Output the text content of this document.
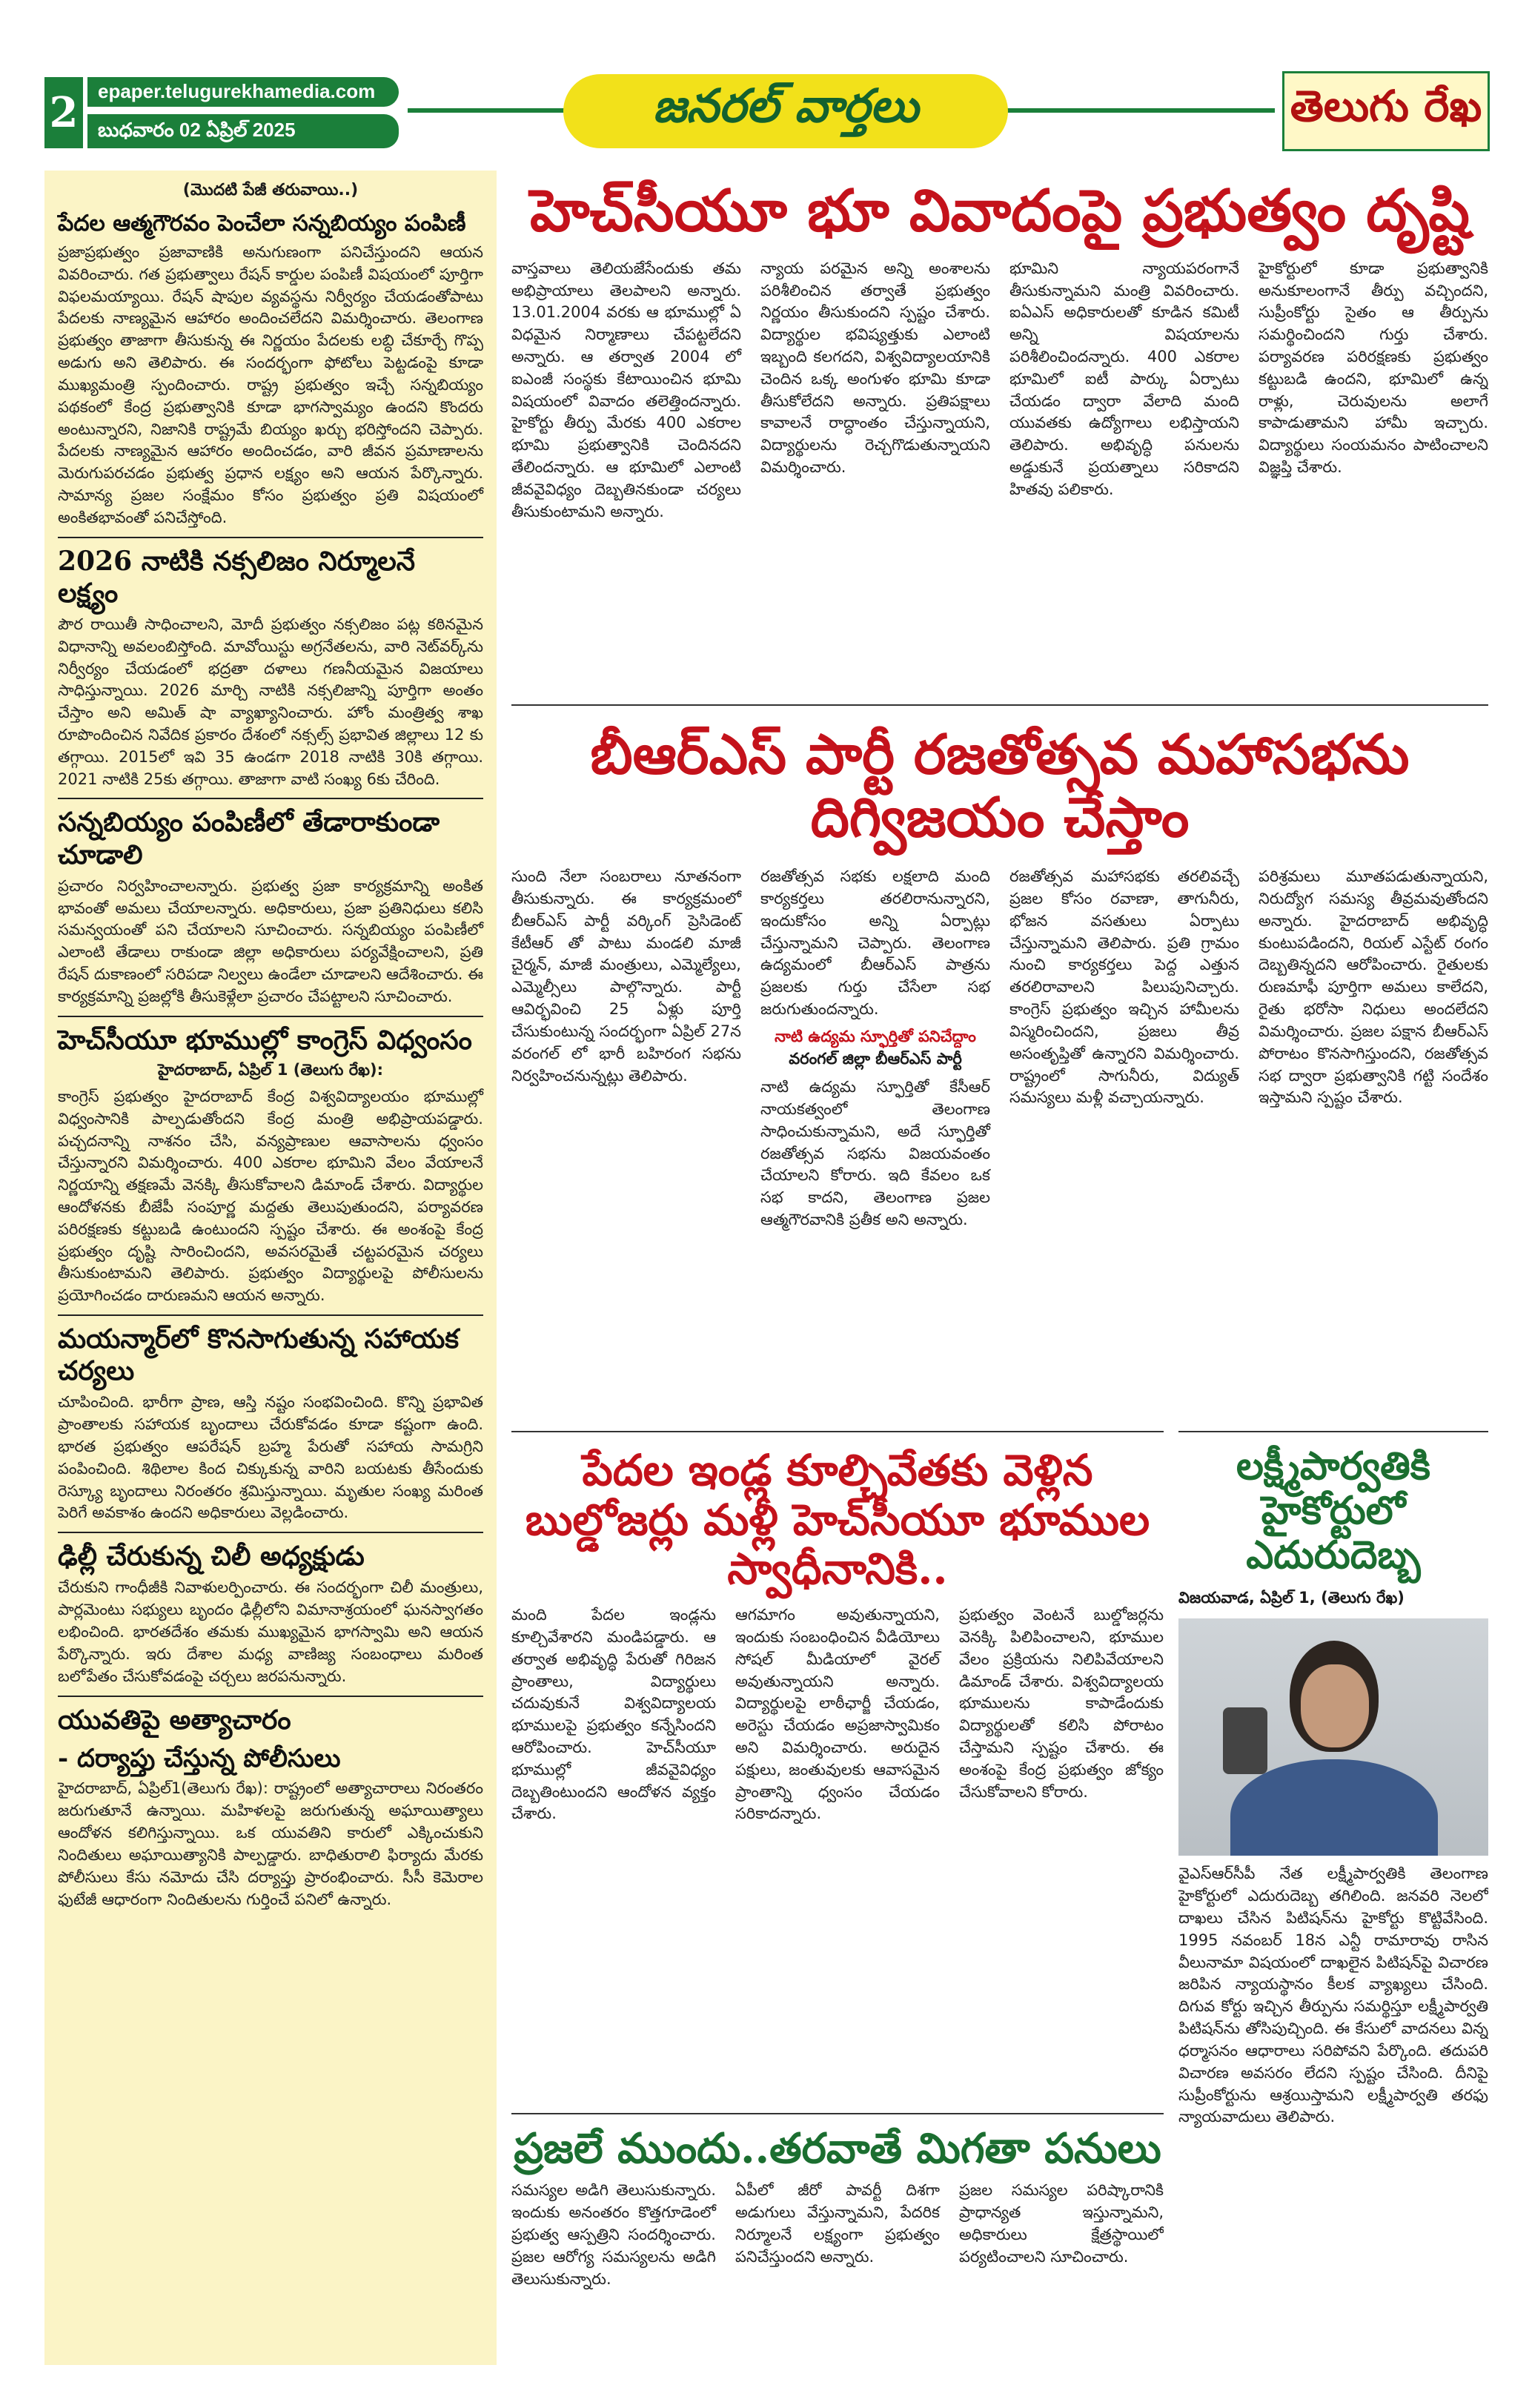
2	epaper.telugurekhamedia.com
బుధవారం 02 ఏప్రిల్ 2025	జనరల్ వార్తలు	తెలుగు రేఖ
(మొదటి పేజీ తరువాయి..)
పేదల ఆత్మగౌరవం పెంచేలా సన్నబియ్యం పంపిణీ

ప్రజాప్రభుత్వం ప్రజావాణికి అనుగుణంగా పనిచేస్తుందని ఆయన వివరించారు. గత ప్రభుత్వాలు రేషన్ కార్డుల పంపిణీ విషయంలో పూర్తిగా విఫలమయ్యాయి. రేషన్ షాపుల వ్యవస్థను నిర్వీర్యం చేయడంతోపాటు పేదలకు నాణ్యమైన ఆహారం అందించలేదని విమర్శించారు. తెలంగాణ ప్రభుత్వం తాజాగా తీసుకున్న ఈ నిర్ణయం పేదలకు లబ్ధి చేకూర్చే గొప్ప అడుగు అని తెలిపారు. ఈ సందర్భంగా ఫోటోలు పెట్టడంపై కూడా ముఖ్యమంత్రి స్పందించారు. రాష్ట్ర ప్రభుత్వం ఇచ్చే సన్నబియ్యం పథకంలో కేంద్ర ప్రభుత్వానికి కూడా భాగస్వామ్యం ఉందని కొందరు అంటున్నారని, నిజానికి రాష్ట్రమే బియ్యం ఖర్చు భరిస్తోందని చెప్పారు. పేదలకు నాణ్యమైన ఆహారం అందించడం, వారి జీవన ప్రమాణాలను మెరుగుపరచడం ప్రభుత్వ ప్రధాన లక్ష్యం అని ఆయన పేర్కొన్నారు. సామాన్య ప్రజల సంక్షేమం కోసం ప్రభుత్వం ప్రతి విషయంలో అంకితభావంతో పనిచేస్తోంది.

2026 నాటికి నక్సలిజం నిర్మూలనే లక్ష్యం

పౌర రాయితీ సాధించాలని, మోదీ ప్రభుత్వం నక్సలిజం పట్ల కఠినమైన విధానాన్ని అవలంబిస్తోంది. మావోయిస్టు అగ్రనేతలను, వారి నెట్‌వర్క్‌ను నిర్వీర్యం చేయడంలో భద్రతా దళాలు గణనీయమైన విజయాలు సాధిస్తున్నాయి. 2026 మార్చి నాటికి నక్సలిజాన్ని పూర్తిగా అంతం చేస్తాం అని అమిత్ షా వ్యాఖ్యానించారు. హోం మంత్రిత్వ శాఖ రూపొందించిన నివేదిక ప్రకారం దేశంలో నక్సల్స్ ప్రభావిత జిల్లాలు 12 కు తగ్గాయి. 2015లో ఇవి 35 ఉండగా 2018 నాటికి 30కి తగ్గాయి. 2021 నాటికి 25కు తగ్గాయి. తాజాగా వాటి సంఖ్య 6కు చేరింది.

సన్నబియ్యం పంపిణీలో తేడారాకుండా చూడాలి

ప్రచారం నిర్వహించాలన్నారు. ప్రభుత్వ ప్రజా కార్యక్రమాన్ని అంకిత భావంతో అమలు చేయాలన్నారు. అధికారులు, ప్రజా ప్రతినిధులు కలిసి సమన్వయంతో పని చేయాలని సూచించారు. సన్నబియ్యం పంపిణీలో ఎలాంటి తేడాలు రాకుండా జిల్లా అధికారులు పర్యవేక్షించాలని, ప్రతి రేషన్ దుకాణంలో సరిపడా నిల్వలు ఉండేలా చూడాలని ఆదేశించారు. ఈ కార్యక్రమాన్ని ప్రజల్లోకి తీసుకెళ్లేలా ప్రచారం చేపట్టాలని సూచించారు.

హెచ్‌సీయూ భూముల్లో కాంగ్రెస్ విధ్వంసం
హైదరాబాద్, ఏప్రిల్ 1 (తెలుగు రేఖ):

కాంగ్రెస్ ప్రభుత్వం హైదరాబాద్ కేంద్ర విశ్వవిద్యాలయం భూముల్లో విధ్వంసానికి పాల్పడుతోందని కేంద్ర మంత్రి అభిప్రాయపడ్డారు. పచ్చదనాన్ని నాశనం చేసి, వన్యప్రాణుల ఆవాసాలను ధ్వంసం చేస్తున్నారని విమర్శించారు. 400 ఎకరాల భూమిని వేలం వేయాలనే నిర్ణయాన్ని తక్షణమే వెనక్కి తీసుకోవాలని డిమాండ్ చేశారు. విద్యార్థుల ఆందోళనకు బీజేపీ సంపూర్ణ మద్దతు తెలుపుతుందని, పర్యావరణ పరిరక్షణకు కట్టుబడి ఉంటుందని స్పష్టం చేశారు. ఈ అంశంపై కేంద్ర ప్రభుత్వం దృష్టి సారించిందని, అవసరమైతే చట్టపరమైన చర్యలు తీసుకుంటామని తెలిపారు. ప్రభుత్వం విద్యార్థులపై పోలీసులను ప్రయోగించడం దారుణమని ఆయన అన్నారు.

మయన్మార్‌లో కొనసాగుతున్న సహాయక చర్యలు

చూపించింది. భారీగా ప్రాణ, ఆస్తి నష్టం సంభవించింది. కొన్ని ప్రభావిత ప్రాంతాలకు సహాయక బృందాలు చేరుకోవడం కూడా కష్టంగా ఉంది. భారత ప్రభుత్వం ఆపరేషన్ బ్రహ్మ పేరుతో సహాయ సామగ్రిని పంపించింది. శిథిలాల కింద చిక్కుకున్న వారిని బయటకు తీసేందుకు రెస్క్యూ బృందాలు నిరంతరం శ్రమిస్తున్నాయి. మృతుల సంఖ్య మరింత పెరిగే అవకాశం ఉందని అధికారులు వెల్లడించారు.

ఢిల్లీ చేరుకున్న చిలీ అధ్యక్షుడు

చేరుకుని గాంధీజీకి నివాళులర్పించారు. ఈ సందర్భంగా చిలీ మంత్రులు, పార్లమెంటు సభ్యులు బృందం ఢిల్లీలోని విమానాశ్రయంలో ఘనస్వాగతం లభించింది. భారతదేశం తమకు ముఖ్యమైన భాగస్వామి అని ఆయన పేర్కొన్నారు. ఇరు దేశాల మధ్య వాణిజ్య సంబంధాలు మరింత బలోపేతం చేసుకోవడంపై చర్చలు జరపనున్నారు.

యువతిపై అత్యాచారం
- దర్యాప్తు చేస్తున్న పోలీసులు

హైదరాబాద్, ఏప్రిల్1(తెలుగు రేఖ): రాష్ట్రంలో అత్యాచారాలు నిరంతరం జరుగుతూనే ఉన్నాయి. మహిళలపై జరుగుతున్న అఘాయిత్యాలు ఆందోళన కలిగిస్తున్నాయి. ఒక యువతిని కారులో ఎక్కించుకుని నిందితులు అఘాయిత్యానికి పాల్పడ్డారు. బాధితురాలి ఫిర్యాదు మేరకు పోలీసులు కేసు నమోదు చేసి దర్యాప్తు ప్రారంభించారు. సీసీ కెమెరాల ఫుటేజీ ఆధారంగా నిందితులను గుర్తించే పనిలో ఉన్నారు.

హెచ్‌సీయూ భూ వివాదంపై ప్రభుత్వం దృష్టి

వాస్తవాలు తెలియజేసేందుకు తమ అభిప్రాయాలు తెలపాలని అన్నారు. 13.01.2004 వరకు ఆ భూముల్లో ఏ విధమైన నిర్మాణాలు చేపట్టలేదని అన్నారు. ఆ తర్వాత 2004 లో ఐఎంజీ సంస్థకు కేటాయించిన భూమి విషయంలో వివాదం తలెత్తిందన్నారు. హైకోర్టు తీర్పు మేరకు 400 ఎకరాల భూమి ప్రభుత్వానికి చెందినదని తేలిందన్నారు. ఆ భూమిలో ఎలాంటి జీవవైవిధ్యం దెబ్బతినకుండా చర్యలు తీసుకుంటామని అన్నారు.

న్యాయ పరమైన అన్ని అంశాలను పరిశీలించిన తర్వాతే ప్రభుత్వం నిర్ణయం తీసుకుందని స్పష్టం చేశారు. విద్యార్థుల భవిష్యత్తుకు ఎలాంటి ఇబ్బంది కలగదని, విశ్వవిద్యాలయానికి చెందిన ఒక్క అంగుళం భూమి కూడా తీసుకోలేదని అన్నారు. ప్రతిపక్షాలు కావాలనే రాద్ధాంతం చేస్తున్నాయని, విద్యార్థులను రెచ్చగొడుతున్నాయని విమర్శించారు.

భూమిని న్యాయపరంగానే తీసుకున్నామని మంత్రి వివరించారు. ఐఏఎస్ అధికారులతో కూడిన కమిటీ అన్ని విషయాలను పరిశీలించిందన్నారు. 400 ఎకరాల భూమిలో ఐటీ పార్కు ఏర్పాటు చేయడం ద్వారా వేలాది మంది యువతకు ఉద్యోగాలు లభిస్తాయని తెలిపారు. అభివృద్ధి పనులను అడ్డుకునే ప్రయత్నాలు సరికాదని హితవు పలికారు.

హైకోర్టులో కూడా ప్రభుత్వానికి అనుకూలంగానే తీర్పు వచ్చిందని, సుప్రీంకోర్టు సైతం ఆ తీర్పును సమర్థించిందని గుర్తు చేశారు. పర్యావరణ పరిరక్షణకు ప్రభుత్వం కట్టుబడి ఉందని, భూమిలో ఉన్న రాళ్లు, చెరువులను అలాగే కాపాడుతామని హామీ ఇచ్చారు. విద్యార్థులు సంయమనం పాటించాలని విజ్ఞప్తి చేశారు.

బీఆర్ఎస్ పార్టీ రజతోత్సవ మహాసభను దిగ్విజయం చేస్తాం

సుంది నేలా సంబరాలు నూతనంగా తీసుకున్నారు. ఈ కార్యక్రమంలో బీఆర్ఎస్ పార్టీ వర్కింగ్ ప్రెసిడెంట్ కేటీఆర్ తో పాటు మండలి మాజీ చైర్మన్, మాజీ మంత్రులు, ఎమ్మెల్యేలు, ఎమ్మెల్సీలు పాల్గొన్నారు. పార్టీ ఆవిర్భవించి 25 ఏళ్లు పూర్తి చేసుకుంటున్న సందర్భంగా ఏప్రిల్ 27న వరంగల్ లో భారీ బహిరంగ సభను నిర్వహించనున్నట్లు తెలిపారు.

రజతోత్సవ సభకు లక్షలాది మంది కార్యకర్తలు తరలిరానున్నారని, ఇందుకోసం అన్ని ఏర్పాట్లు చేస్తున్నామని చెప్పారు. తెలంగాణ ఉద్యమంలో బీఆర్ఎస్ పాత్రను ప్రజలకు గుర్తు చేసేలా సభ జరుగుతుందన్నారు.

నాటి ఉద్యమ స్ఫూర్తితో పనిచేద్దాం
వరంగల్ జిల్లా బీఆర్ఎస్ పార్టీ

నాటి ఉద్యమ స్ఫూర్తితో కేసీఆర్ నాయకత్వంలో తెలంగాణ సాధించుకున్నామని, అదే స్ఫూర్తితో రజతోత్సవ సభను విజయవంతం చేయాలని కోరారు. ఇది కేవలం ఒక సభ కాదని, తెలంగాణ ప్రజల ఆత్మగౌరవానికి ప్రతీక అని అన్నారు.

రజతోత్సవ మహాసభకు తరలివచ్చే ప్రజల కోసం రవాణా, తాగునీరు, భోజన వసతులు ఏర్పాటు చేస్తున్నామని తెలిపారు. ప్రతి గ్రామం నుంచి కార్యకర్తలు పెద్ద ఎత్తున తరలిరావాలని పిలుపునిచ్చారు. కాంగ్రెస్ ప్రభుత్వం ఇచ్చిన హామీలను విస్మరించిందని, ప్రజలు తీవ్ర అసంతృప్తితో ఉన్నారని విమర్శించారు. రాష్ట్రంలో సాగునీరు, విద్యుత్ సమస్యలు మళ్లీ వచ్చాయన్నారు.

పరిశ్రమలు మూతపడుతున్నాయని, నిరుద్యోగ సమస్య తీవ్రమవుతోందని అన్నారు. హైదరాబాద్ అభివృద్ధి కుంటుపడిందని, రియల్ ఎస్టేట్ రంగం దెబ్బతిన్నదని ఆరోపించారు. రైతులకు రుణమాఫీ పూర్తిగా అమలు కాలేదని, రైతు భరోసా నిధులు అందలేదని విమర్శించారు. ప్రజల పక్షాన బీఆర్ఎస్ పోరాటం కొనసాగిస్తుందని, రజతోత్సవ సభ ద్వారా ప్రభుత్వానికి గట్టి సందేశం ఇస్తామని స్పష్టం చేశారు.

పేదల ఇండ్ల కూల్చివేతకు వెళ్లిన బుల్డోజర్లు మళ్లీ హెచ్‌సీయూ భూముల స్వాధీనానికి..

మంది పేదల ఇండ్లను కూల్చివేశారని మండిపడ్డారు. ఆ తర్వాత అభివృద్ధి పేరుతో గిరిజన ప్రాంతాలు, విద్యార్థులు చదువుకునే విశ్వవిద్యాలయ భూములపై ప్రభుత్వం కన్నేసిందని ఆరోపించారు. హెచ్‌సీయూ భూముల్లో జీవవైవిధ్యం దెబ్బతింటుందని ఆందోళన వ్యక్తం చేశారు.

ఆగమాగం అవుతున్నాయని, ఇందుకు సంబంధించిన వీడియోలు సోషల్ మీడియాలో వైరల్ అవుతున్నాయని అన్నారు. విద్యార్థులపై లాఠీఛార్జీ చేయడం, అరెస్టు చేయడం అప్రజాస్వామికం అని విమర్శించారు. అరుదైన పక్షులు, జంతువులకు ఆవాసమైన ప్రాంతాన్ని ధ్వంసం చేయడం సరికాదన్నారు.

ప్రభుత్వం వెంటనే బుల్డోజర్లను వెనక్కి పిలిపించాలని, భూముల వేలం ప్రక్రియను నిలిపివేయాలని డిమాండ్ చేశారు. విశ్వవిద్యాలయ భూములను కాపాడేందుకు విద్యార్థులతో కలిసి పోరాటం చేస్తామని స్పష్టం చేశారు. ఈ అంశంపై కేంద్ర ప్రభుత్వం జోక్యం చేసుకోవాలని కోరారు.

లక్ష్మీపార్వతికి హైకోర్టులో ఎదురుదెబ్బ
విజయవాడ, ఏప్రిల్ 1, (తెలుగు రేఖ)

వైఎస్ఆర్‌సీపీ నేత లక్ష్మీపార్వతికి తెలంగాణ హైకోర్టులో ఎదురుదెబ్బ తగిలింది. జనవరి నెలలో దాఖలు చేసిన పిటిషన్‌ను హైకోర్టు కొట్టివేసింది. 1995 నవంబర్ 18న ఎన్టీ రామారావు రాసిన వీలునామా విషయంలో దాఖలైన పిటిషన్‌పై విచారణ జరిపిన న్యాయస్థానం కీలక వ్యాఖ్యలు చేసింది. దిగువ కోర్టు ఇచ్చిన తీర్పును సమర్థిస్తూ లక్ష్మీపార్వతి పిటిషన్‌ను తోసిపుచ్చింది. ఈ కేసులో వాదనలు విన్న ధర్మాసనం ఆధారాలు సరిపోవని పేర్కొంది. తదుపరి విచారణ అవసరం లేదని స్పష్టం చేసింది. దీనిపై సుప్రీంకోర్టును ఆశ్రయిస్తామని లక్ష్మీపార్వతి తరఫు న్యాయవాదులు తెలిపారు.

ప్రజలే ముందు..తరవాతే మిగతా పనులు

సమస్యల అడిగి తెలుసుకున్నారు. ఇందుకు అనంతరం కొత్తగూడెంలో ప్రభుత్వ ఆస్పత్రిని సందర్శించారు. ప్రజల ఆరోగ్య సమస్యలను అడిగి తెలుసుకున్నారు.

ఏపీలో జీరో పావర్టీ దిశగా అడుగులు వేస్తున్నామని, పేదరిక నిర్మూలనే లక్ష్యంగా ప్రభుత్వం పనిచేస్తుందని అన్నారు.

ప్రజల సమస్యల పరిష్కారానికి ప్రాధాన్యత ఇస్తున్నామని, అధికారులు క్షేత్రస్థాయిలో పర్యటించాలని సూచించారు.
